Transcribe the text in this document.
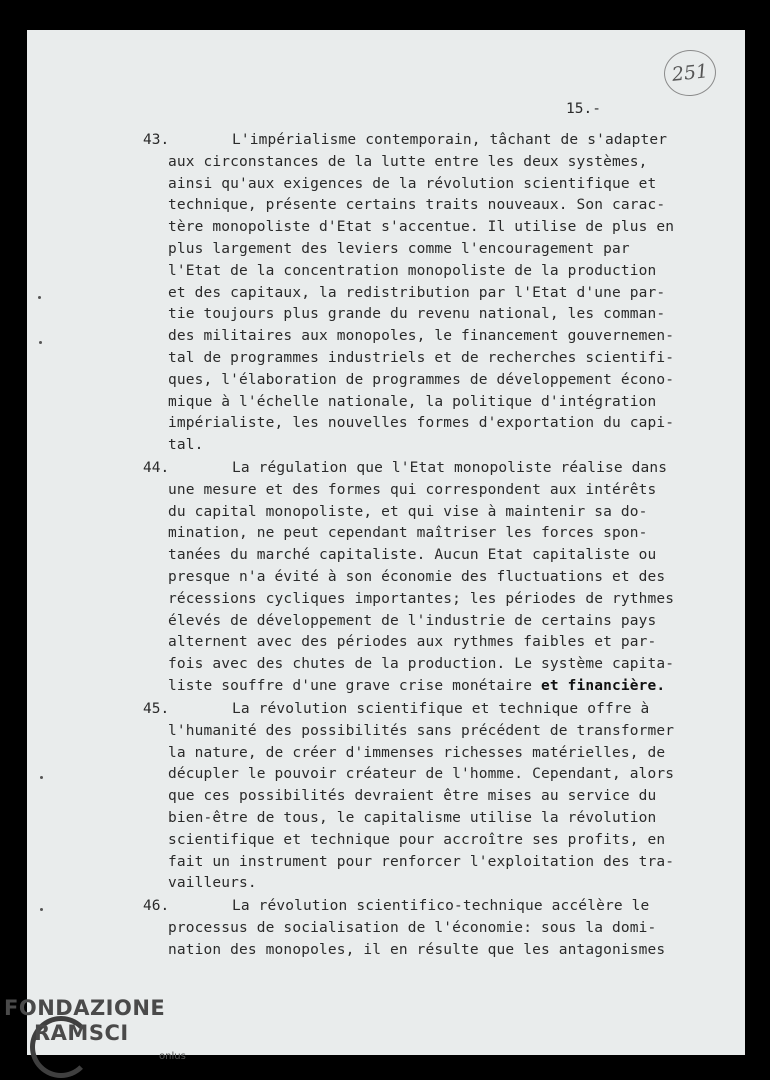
251
15.-
43.	L'impérialisme contemporain, tâchant de s'adapter
aux circonstances de la lutte entre les deux systèmes,
ainsi qu'aux exigences de la révolution scientifique et
technique, présente certains traits nouveaux. Son carac-
tère monopoliste d'Etat s'accentue. Il utilise de plus en
plus largement des leviers comme l'encouragement par
l'Etat de la concentration monopoliste de la production
et des capitaux, la redistribution par l'Etat d'une par-
tie toujours plus grande du revenu national, les comman-
des militaires aux monopoles, le financement gouvernemen-
tal de programmes industriels et de recherches scientifi-
ques, l'élaboration de programmes de développement écono-
mique à l'échelle nationale, la politique d'intégration
impérialiste, les nouvelles formes d'exportation du capi-
tal.
44.	La régulation que l'Etat monopoliste réalise dans
une mesure et des formes qui correspondent aux intérêts
du capital monopoliste, et qui vise à maintenir sa do-
mination, ne peut cependant maîtriser les forces spon-
tanées du marché capitaliste. Aucun Etat capitaliste ou
presque n'a évité à son économie des fluctuations et des
récessions cycliques importantes; les périodes de rythmes
élevés de développement de l'industrie de certains pays
alternent avec des périodes aux rythmes faibles et par-
fois avec des chutes de la production. Le système capita-
liste souffre d'une grave crise monétaire et financière.
45.	La révolution scientifique et technique offre à
l'humanité des possibilités sans précédent de transformer
la nature, de créer d'immenses richesses matérielles, de
décupler le pouvoir créateur de l'homme. Cependant, alors
que ces possibilités devraient être mises au service du
bien-être de tous, le capitalisme utilise la révolution
scientifique et technique pour accroître ses profits, en
fait un instrument pour renforcer l'exploitation des tra-
vailleurs.
46.	La révolution scientifico-technique accélère le
processus de socialisation de l'économie: sous la domi-
nation des monopoles, il en résulte que les antagonismes
FONDAZIONE
RAMSCI
onlus
